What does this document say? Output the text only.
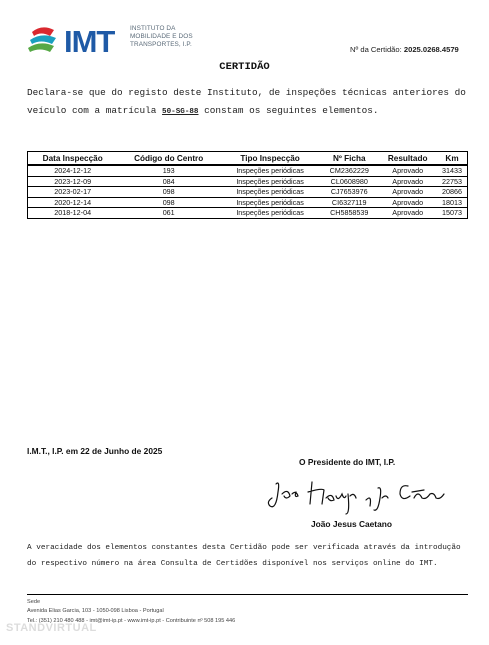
IMT INSTITUTO DA
MOBILIDADE E DOS
TRANSPORTES, I.P.
Nº da Certidão: 2025.0268.4579
CERTIDÃO
Declara-se que do registo deste Instituto, de inspeções técnicas anteriores do veículo com a matrícula 50-SG-88 constam os seguintes elementos.
Data Inspecção	Código do Centro	Tipo Inspecção	Nº Ficha	Resultado	Km
2024-12-12	193	Inspeções periódicas	CM2362229	Aprovado	31433
2023-12-09	084	Inspeções periódicas	CL0608980	Aprovado	22753
2023-02-17	098	Inspeções periódicas	CJ7653976	Aprovado	20866
2020-12-14	098	Inspeções periódicas	CI6327119	Aprovado	18013
2018-12-04	061	Inspeções periódicas	CH5858539	Aprovado	15073
I.M.T., I.P. em 22 de Junho de 2025
O Presidente do IMT, I.P.
João Jesus Caetano
A veracidade dos elementos constantes desta Certidão pode ser verificada através da introdução do respectivo número na área Consulta de Certidões disponível nos serviços online do IMT.
Sede
Avenida Elias Garcia, 103 - 1050-098 Lisboa - Portugal
Tel.: (351) 210 480 488 - imt@imt-ip.pt - www.imt-ip.pt - Contribuinte nº 508 195 446
STANDVIRTUAL
